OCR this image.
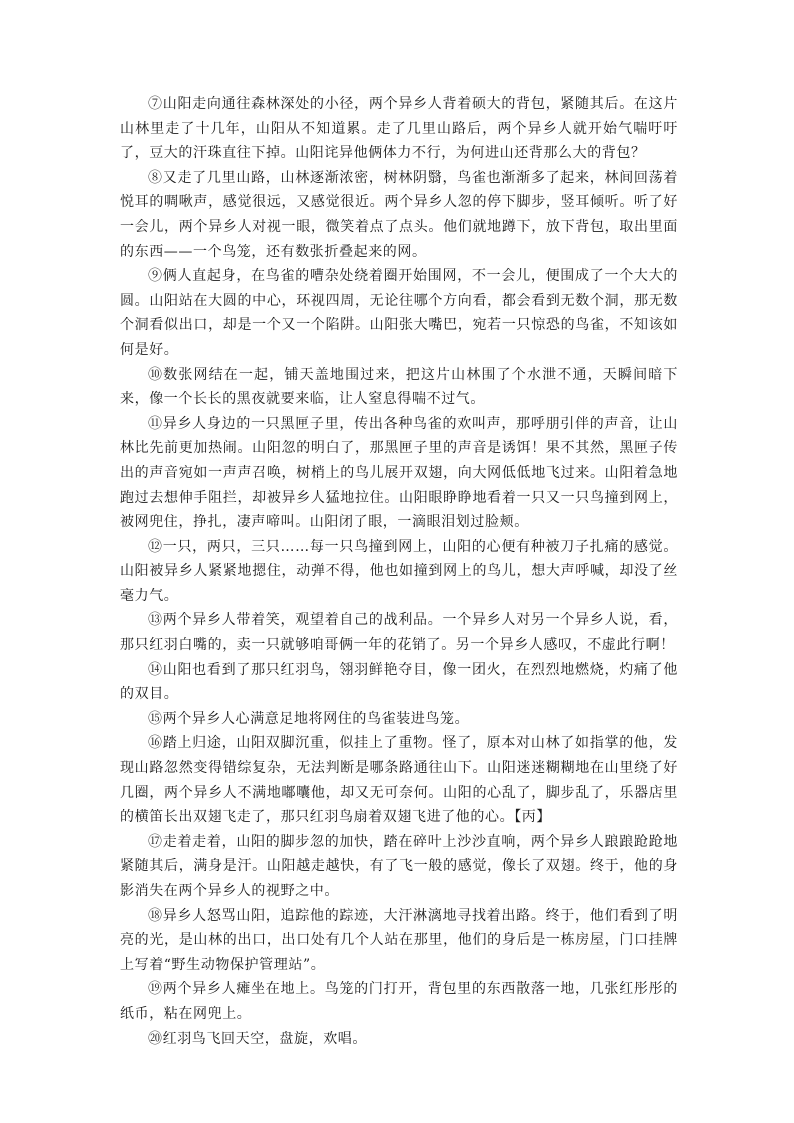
⑦山阳走向通往森林深处的小径，两个异乡人背着硕大的背包，紧随其后。在这片山林里走了十几年，山阳从不知道累。走了几里山路后，两个异乡人就开始气喘吁吁了，豆大的汗珠直往下掉。山阳诧异他俩体力不行，为何进山还背那么大的背包？

⑧又走了几里山路，山林逐渐浓密，树林阴翳，鸟雀也渐渐多了起来，林间回荡着悦耳的啁啾声，感觉很远，又感觉很近。两个异乡人忽的停下脚步，竖耳倾听。听了好一会儿，两个异乡人对视一眼，微笑着点了点头。他们就地蹲下，放下背包，取出里面的东西——一个鸟笼，还有数张折叠起来的网。

⑨俩人直起身，在鸟雀的嘈杂处绕着圈开始围网，不一会儿，便围成了一个大大的圆。山阳站在大圆的中心，环视四周，无论往哪个方向看，都会看到无数个洞，那无数个洞看似出口，却是一个又一个陷阱。山阳张大嘴巴，宛若一只惊恐的鸟雀，不知该如何是好。

⑩数张网结在一起，铺天盖地围过来，把这片山林围了个水泄不通，天瞬间暗下来，像一个长长的黑夜就要来临，让人窒息得喘不过气。

⑪异乡人身边的一只黑匣子里，传出各种鸟雀的欢叫声，那呼朋引伴的声音，让山林比先前更加热闹。山阳忽的明白了，那黑匣子里的声音是诱饵！果不其然，黑匣子传出的声音宛如一声声召唤，树梢上的鸟儿展开双翅，向大网低低地飞过来。山阳着急地跑过去想伸手阻拦，却被异乡人猛地拉住。山阳眼睁睁地看着一只又一只鸟撞到网上，被网兜住，挣扎，凄声啼叫。山阳闭了眼，一滴眼泪划过脸颊。

⑫一只，两只，三只……每一只鸟撞到网上，山阳的心便有种被刀子扎痛的感觉。山阳被异乡人紧紧地摁住，动弹不得，他也如撞到网上的鸟儿，想大声呼喊，却没了丝毫力气。

⑬两个异乡人带着笑，观望着自己的战利品。一个异乡人对另一个异乡人说，看，那只红羽白嘴的，卖一只就够咱哥俩一年的花销了。另一个异乡人感叹，不虚此行啊！

⑭山阳也看到了那只红羽鸟，翎羽鲜艳夺目，像一团火，在烈烈地燃烧，灼痛了他的双目。

⑮两个异乡人心满意足地将网住的鸟雀装进鸟笼。

⑯踏上归途，山阳双脚沉重，似挂上了重物。怪了，原本对山林了如指掌的他，发现山路忽然变得错综复杂，无法判断是哪条路通往山下。山阳迷迷糊糊地在山里绕了好几圈，两个异乡人不满地嘟囔他，却又无可奈何。山阳的心乱了，脚步乱了，乐器店里的横笛长出双翅飞走了，那只红羽鸟扇着双翅飞进了他的心。【丙】

⑰走着走着，山阳的脚步忽的加快，踏在碎叶上沙沙直响，两个异乡人踉踉跄跄地紧随其后，满身是汗。山阳越走越快，有了飞一般的感觉，像长了双翅。终于，他的身影消失在两个异乡人的视野之中。

⑱异乡人怒骂山阳，追踪他的踪迹，大汗淋漓地寻找着出路。终于，他们看到了明亮的光，是山林的出口，出口处有几个人站在那里，他们的身后是一栋房屋，门口挂牌上写着“野生动物保护管理站”。

⑲两个异乡人瘫坐在地上。鸟笼的门打开，背包里的东西散落一地，几张红彤彤的纸币，粘在网兜上。

⑳红羽鸟飞回天空，盘旋，欢唱。
